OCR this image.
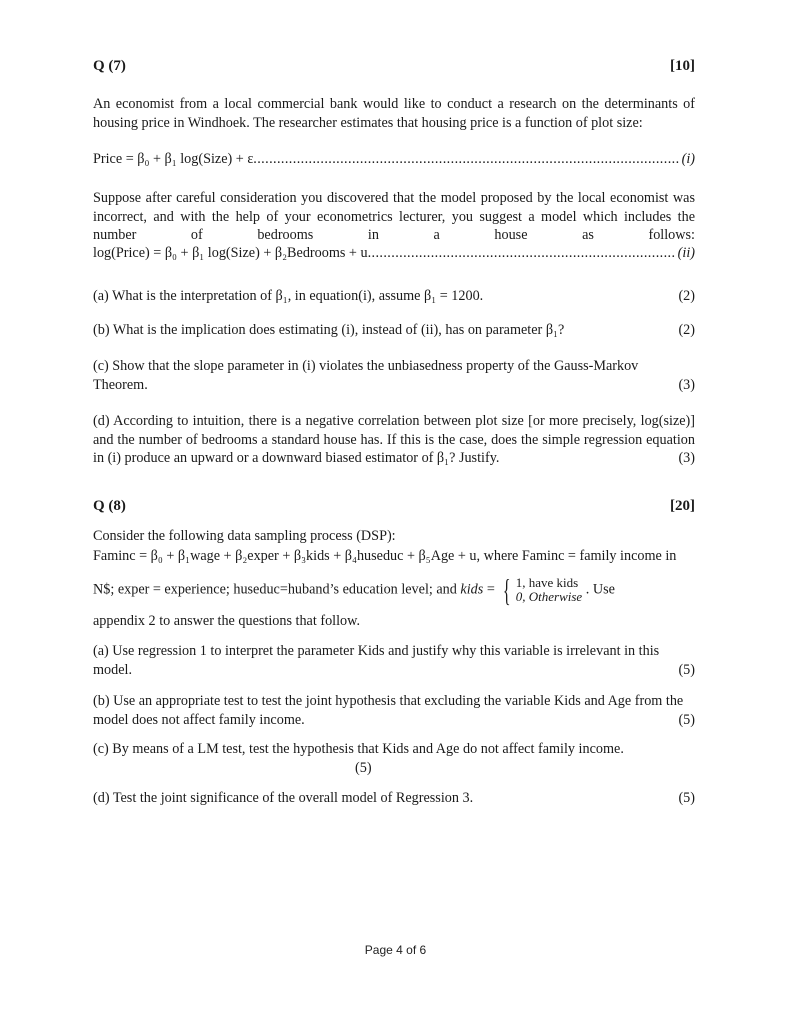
Q (7)	[10]
An economist from a local commercial bank would like to conduct a research on the determinants of housing price in Windhoek. The researcher estimates that housing price is a function of plot size:
Price = β₀ + β₁ log(Size) + ε .....	(i)
Suppose after careful consideration you discovered that the model proposed by the local economist was incorrect, and with the help of your econometrics lecturer, you suggest a model which includes the number of bedrooms in a house as follows:
log(Price) = β₀ + β₁ log(Size) + β₂Bedrooms + u .....	(ii)
(a) What is the interpretation of β₁, in equation(i), assume β₁ = 1200.	(2)
(b) What is the implication does estimating (i), instead of (ii), has on parameter β₁?	(2)
(c) Show that the slope parameter in (i) violates the unbiasedness property of the Gauss-Markov Theorem.	(3)
(d) According to intuition, there is a negative correlation between plot size [or more precisely, log(size)] and the number of bedrooms a standard house has. If this is the case, does the simple regression equation in (i) produce an upward or a downward biased estimator of β₁? Justify.	(3)
Q (8)	[20]
Consider the following data sampling process (DSP):
Faminc = β₀ + β₁wage + β₂exper + β₃kids + β₄huseduc + β₅Age + u, where Faminc = family income in
N$; exper = experience; huseduc=huband’s education level; and kids = { 1, have kids
0, Otherwise . Use
appendix 2 to answer the questions that follow.
(a) Use regression 1 to interpret the parameter Kids and justify why this variable is irrelevant in this model.	(5)
(b) Use an appropriate test to test the joint hypothesis that excluding the variable Kids and Age from the model does not affect family income.	(5)
(c) By means of a LM test, test the hypothesis that Kids and Age do not affect family income.
(5)
(d) Test the joint significance of the overall model of Regression 3.	(5)
Page 4 of 6
